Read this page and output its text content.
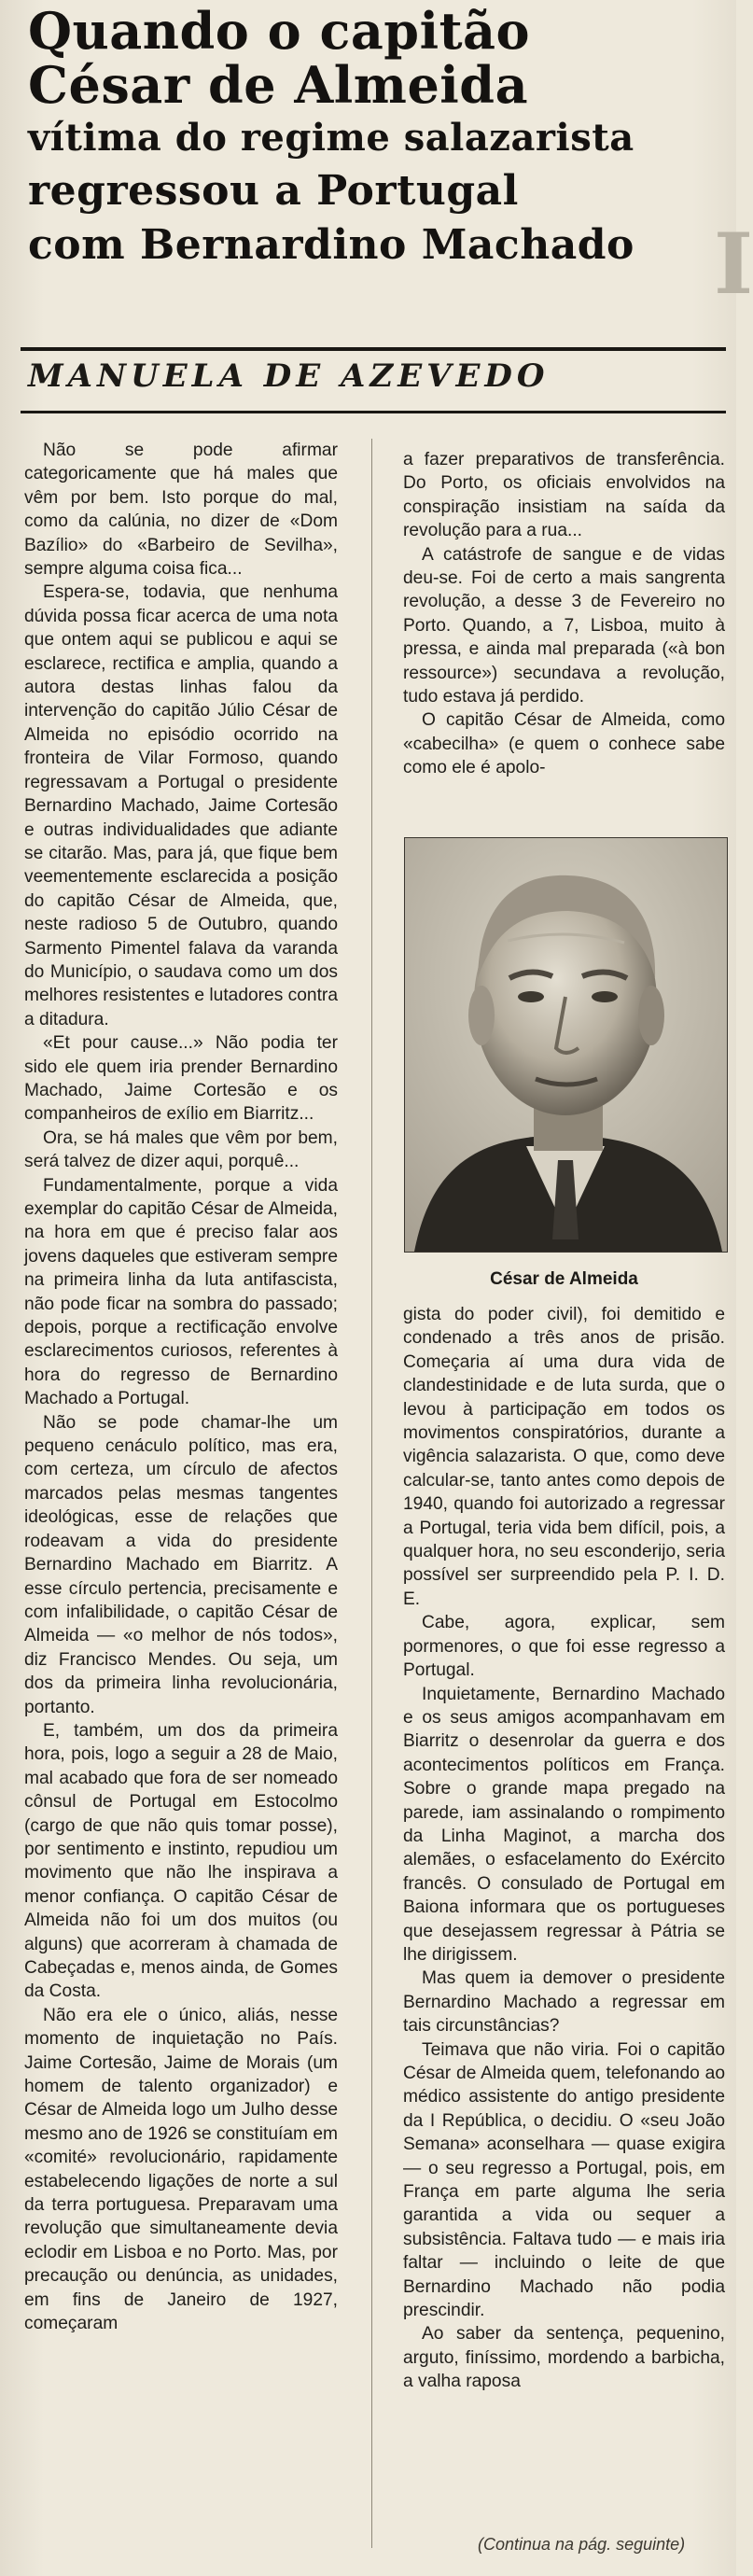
Quando o capitão
César de Almeida
vítima do regime salazarista
regressou a Portugal
com Bernardino Machado I
MANUELA DE AZEVEDO

Não se pode afirmar categoricamente que há males que vêm por bem. Isto porque do mal, como da calúnia, no dizer de «Dom Bazílio» do «Barbeiro de Sevilha», sempre alguma coisa fica...

Espera-se, todavia, que nenhuma dúvida possa ficar acerca de uma nota que ontem aqui se publicou e aqui se esclarece, rectifica e amplia, quando a autora destas linhas falou da intervenção do capitão Júlio César de Almeida no episódio ocorrido na fronteira de Vilar Formoso, quando regressavam a Portugal o presidente Bernardino Machado, Jaime Cortesão e outras individualidades que adiante se citarão. Mas, para já, que fique bem veementemente esclarecida a posição do capitão César de Almeida, que, neste radioso 5 de Outubro, quando Sarmento Pimentel falava da varanda do Município, o saudava como um dos melhores resistentes e lutadores contra a ditadura.

«Et pour cause...» Não podia ter sido ele quem iria prender Bernardino Machado, Jaime Cortesão e os companheiros de exílio em Biarritz...

Ora, se há males que vêm por bem, será talvez de dizer aqui, porquê...

Fundamentalmente, porque a vida exemplar do capitão César de Almeida, na hora em que é preciso falar aos jovens daqueles que estiveram sempre na primeira linha da luta antifascista, não pode ficar na sombra do passado; depois, porque a rectificação envolve esclarecimentos curiosos, referentes à hora do regresso de Bernardino Machado a Portugal.

Não se pode chamar-lhe um pequeno cenáculo político, mas era, com certeza, um círculo de afectos marcados pelas mesmas tangentes ideológicas, esse de relações que rodeavam a vida do presidente Bernardino Machado em Biarritz. A esse círculo pertencia, precisamente e com infalibilidade, o capitão César de Almeida — «o melhor de nós todos», diz Francisco Mendes. Ou seja, um dos da primeira linha revolucionária, portanto.

E, também, um dos da primeira hora, pois, logo a seguir a 28 de Maio, mal acabado que fora de ser nomeado cônsul de Portugal em Estocolmo (cargo de que não quis tomar posse), por sentimento e instinto, repudiou um movimento que não lhe inspirava a menor confiança. O capitão César de Almeida não foi um dos muitos (ou alguns) que acorreram à chamada de Cabeçadas e, menos ainda, de Gomes da Costa.

Não era ele o único, aliás, nesse momento de inquietação no País. Jaime Cortesão, Jaime de Morais (um homem de talento organizador) e César de Almeida logo um Julho desse mesmo ano de 1926 se constituíam em «comité» revolucionário, rapidamente estabelecendo ligações de norte a sul da terra portuguesa. Preparavam uma revolução que simultaneamente devia eclodir em Lisboa e no Porto. Mas, por precaução ou denúncia, as unidades, em fins de Janeiro de 1927, começaram

a fazer preparativos de transferência. Do Porto, os oficiais envolvidos na conspiração insistiam na saída da revolução para a rua...

A catástrofe de sangue e de vidas deu-se. Foi de certo a mais sangrenta revolução, a desse 3 de Fevereiro no Porto. Quando, a 7, Lisboa, muito à pressa, e ainda mal preparada («à bon ressource») secundava a revolução, tudo estava já perdido.

O capitão César de Almeida, como «cabecilha» (e quem o conhece sabe como ele é apolo-

César de Almeida

gista do poder civil), foi demitido e condenado a três anos de prisão. Começaria aí uma dura vida de clandestinidade e de luta surda, que o levou à participação em todos os movimentos conspiratórios, durante a vigência salazarista. O que, como deve calcular-se, tanto antes como depois de 1940, quando foi autorizado a regressar a Portugal, teria vida bem difícil, pois, a qualquer hora, no seu esconderijo, seria possível ser surpreendido pela P. I. D. E.

Cabe, agora, explicar, sem pormenores, o que foi esse regresso a Portugal.

Inquietamente, Bernardino Machado e os seus amigos acompanhavam em Biarritz o desenrolar da guerra e dos acontecimentos políticos em França. Sobre o grande mapa pregado na parede, iam assinalando o rompimento da Linha Maginot, a marcha dos alemães, o esfacelamento do Exército francês. O consulado de Portugal em Baiona informara que os portugueses que desejassem regressar à Pátria se lhe dirigissem.

Mas quem ia demover o presidente Bernardino Machado a regressar em tais circunstâncias?

Teimava que não viria. Foi o capitão César de Almeida quem, telefonando ao médico assistente do antigo presidente da I República, o decidiu. O «seu João Semana» aconselhara — quase exigira — o seu regresso a Portugal, pois, em França em parte alguma lhe seria garantida a vida ou sequer a subsistência. Faltava tudo — e mais iria faltar — incluindo o leite de que Bernardino Machado não podia prescindir.

Ao saber da sentença, pequenino, arguto, finíssimo, mordendo a barbicha, a valha raposa

(Continua na pág. seguinte)
